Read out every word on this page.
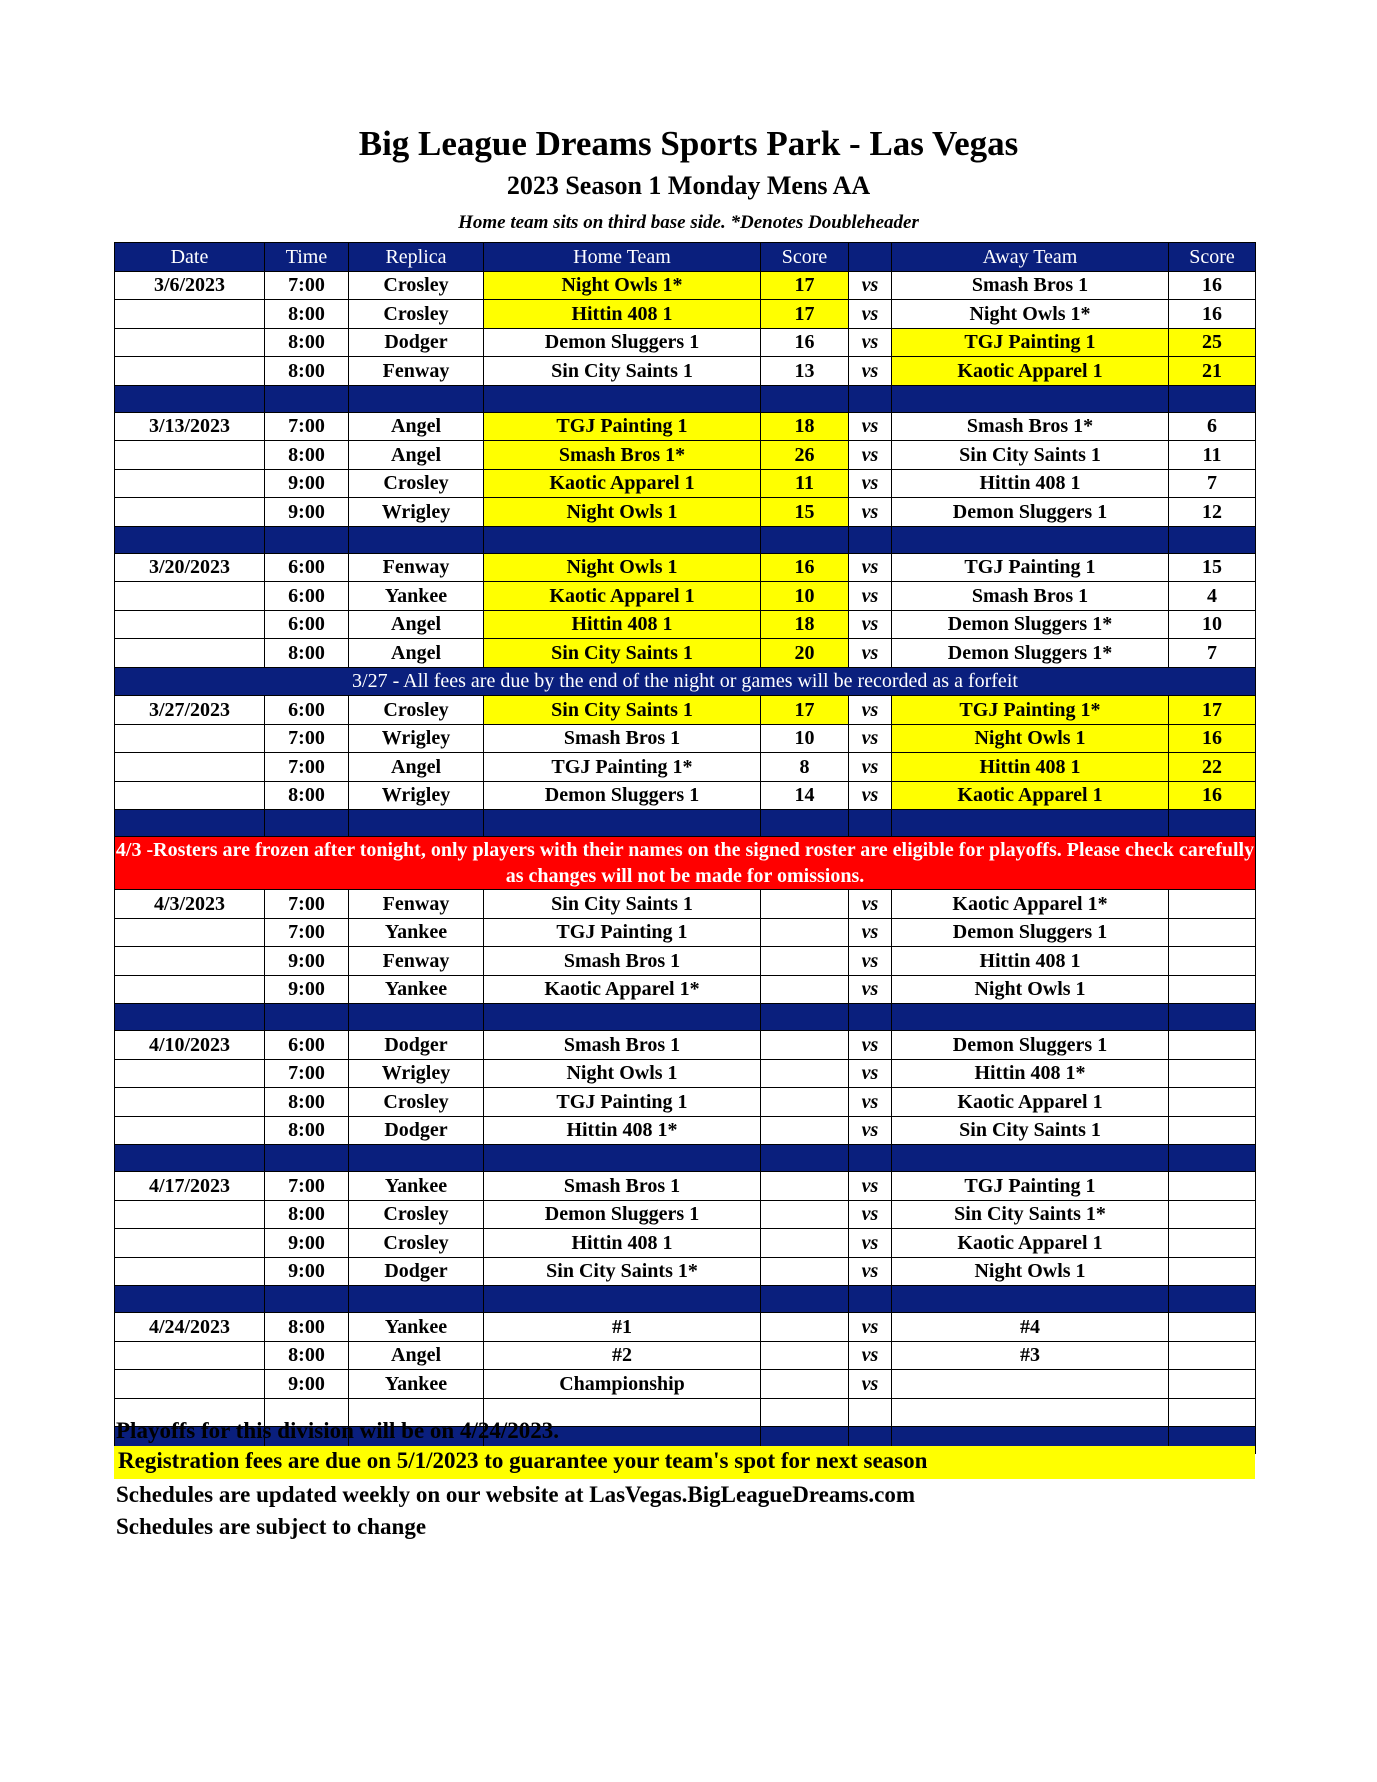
Big League Dreams Sports Park - Las Vegas
2023 Season 1 Monday Mens AA
Home team sits on third base side. *Denotes Doubleheader
Date	Time	Replica	Home Team	Score		Away Team	Score
3/6/2023	7:00	Crosley	Night Owls 1*	17	vs	Smash Bros 1	16
	8:00	Crosley	Hittin 408 1	17	vs	Night Owls 1*	16
	8:00	Dodger	Demon Sluggers 1	16	vs	TGJ Painting 1	25
	8:00	Fenway	Sin City Saints 1	13	vs	Kaotic Apparel 1	21

3/13/2023	7:00	Angel	TGJ Painting 1	18	vs	Smash Bros 1*	6
	8:00	Angel	Smash Bros 1*	26	vs	Sin City Saints 1	11
	9:00	Crosley	Kaotic Apparel 1	11	vs	Hittin 408 1	7
	9:00	Wrigley	Night Owls 1	15	vs	Demon Sluggers 1	12

3/20/2023	6:00	Fenway	Night Owls 1	16	vs	TGJ Painting 1	15
	6:00	Yankee	Kaotic Apparel 1	10	vs	Smash Bros 1	4
	6:00	Angel	Hittin 408 1	18	vs	Demon Sluggers 1*	10
	8:00	Angel	Sin City Saints 1	20	vs	Demon Sluggers 1*	7
3/27 - All fees are due by the end of the night or games will be recorded as a forfeit							
3/27/2023	6:00	Crosley	Sin City Saints 1	17	vs	TGJ Painting 1*	17
	7:00	Wrigley	Smash Bros 1	10	vs	Night Owls 1	16
	7:00	Angel	TGJ Painting 1*	8	vs	Hittin 408 1	22
	8:00	Wrigley	Demon Sluggers 1	14	vs	Kaotic Apparel 1	16

4/3 -Rosters are frozen after tonight, only players with their names on the signed roster are eligible for playoffs. Please check carefully as changes will not be made for omissions.							
4/3/2023	7:00	Fenway	Sin City Saints 1		vs	Kaotic Apparel 1*	
	7:00	Yankee	TGJ Painting 1		vs	Demon Sluggers 1	
	9:00	Fenway	Smash Bros 1		vs	Hittin 408 1	
	9:00	Yankee	Kaotic Apparel 1*		vs	Night Owls 1	

4/10/2023	6:00	Dodger	Smash Bros 1		vs	Demon Sluggers 1	
	7:00	Wrigley	Night Owls 1		vs	Hittin 408 1*	
	8:00	Crosley	TGJ Painting 1		vs	Kaotic Apparel 1	
	8:00	Dodger	Hittin 408 1*		vs	Sin City Saints 1	

4/17/2023	7:00	Yankee	Smash Bros 1		vs	TGJ Painting 1	
	8:00	Crosley	Demon Sluggers 1		vs	Sin City Saints 1*	
	9:00	Crosley	Hittin 408 1		vs	Kaotic Apparel 1	
	9:00	Dodger	Sin City Saints 1*		vs	Night Owls 1	

4/24/2023	8:00	Yankee	#1		vs	#4	
	8:00	Angel	#2		vs	#3	
	9:00	Yankee	Championship		vs		

Playoffs for this division will be on 4/24/2023.
Registration fees are due on 5/1/2023 to guarantee your team's spot for next season
Schedules are updated weekly on our website at LasVegas.BigLeagueDreams.com
Schedules are subject to change
